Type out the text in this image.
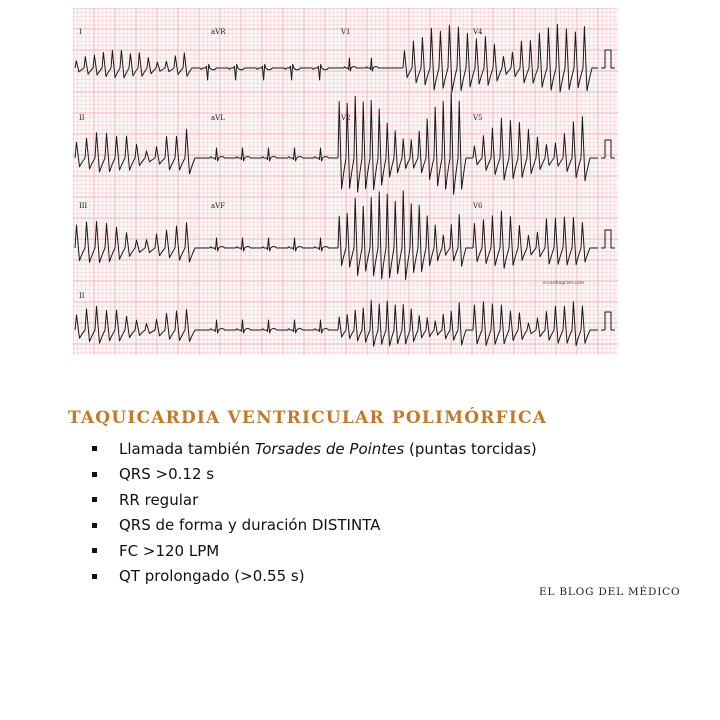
I	aVR	V1	V4
II	aVL	V2	V5
III	aVF	V6
II
e-cardiogram.com
TAQUICARDIA VENTRICULAR POLIMÓRFICA
Llamada también Torsades de Pointes (puntas torcidas)
QRS >0.12 s
RR regular
QRS de forma y duración DISTINTA
FC >120 LPM
QT prolongado (>0.55 s)
EL BLOG DEL MÉDICO
